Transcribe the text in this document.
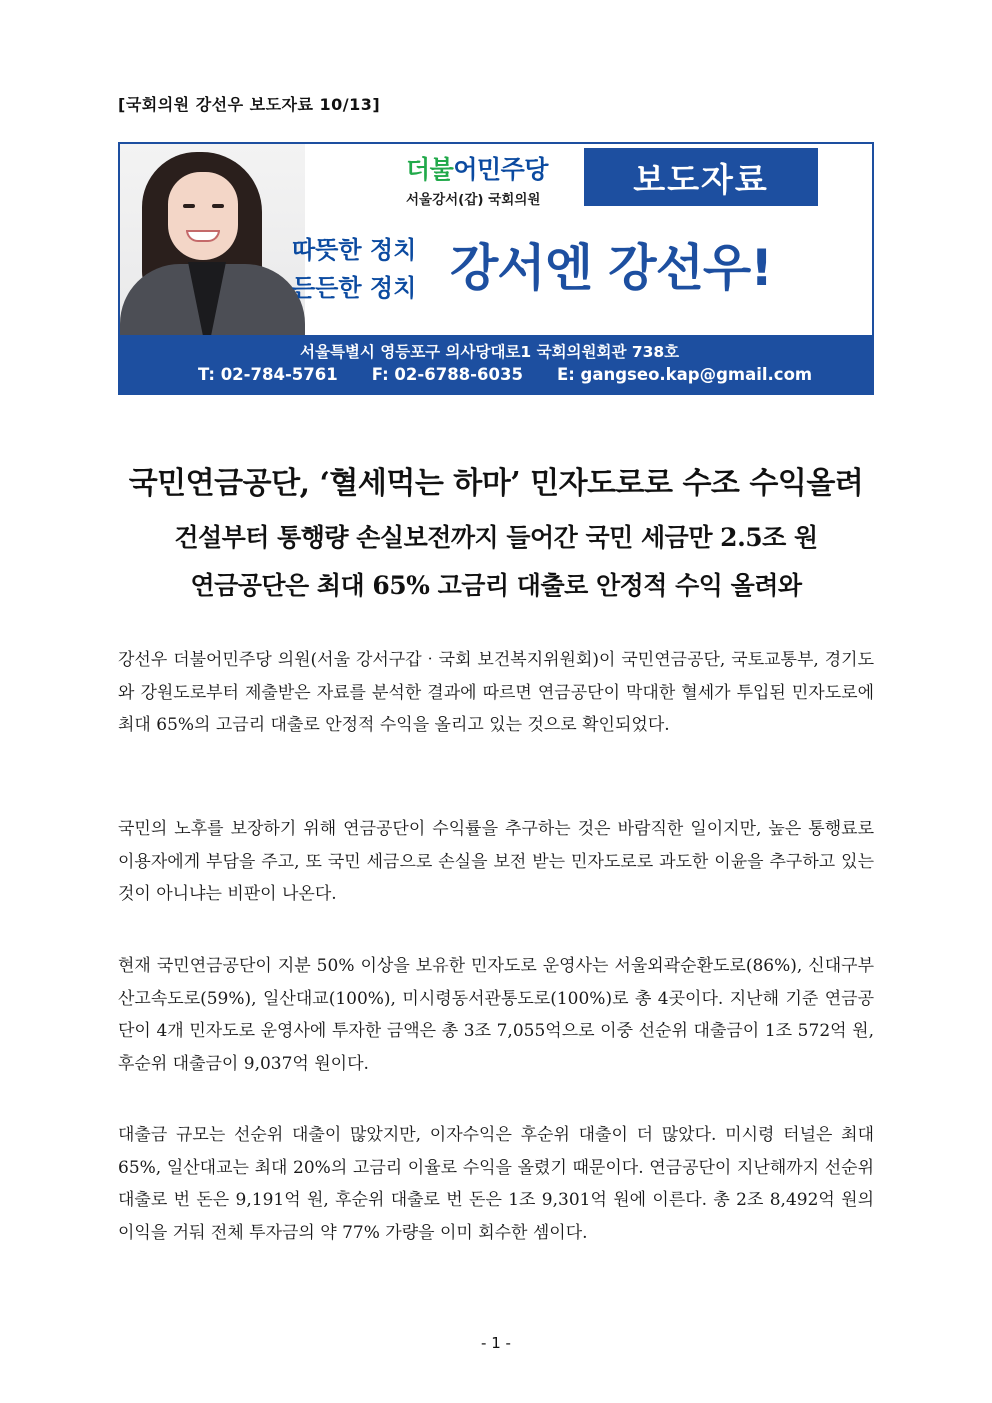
[국회의원 강선우 보도자료 10/13]
더불어민주당
서울강서(갑) 국회의원
보도자료
따뜻한 정치
든든한 정치 강서엔 강선우!
서울특별시 영등포구 의사당대로1 국회의원회관 738호
T: 02-784-5761 F: 02-6788-6035 E: gangseo.kap@gmail.com
국민연금공단, ‘혈세먹는 하마’ 민자도로로 수조 수익올려
건설부터 통행량 손실보전까지 들어간 국민 세금만 2.5조 원
연금공단은 최대 65% 고금리 대출로 안정적 수익 올려와

강선우 더불어민주당 의원(서울 강서구갑‧국회 보건복지위원회)이 국민연금공단, 국토교통부, 경기도와 강원도로부터 제출받은 자료를 분석한 결과에 따르면 연금공단이 막대한 혈세가 투입된 민자도로에 최대 65%의 고금리 대출로 안정적 수익을 올리고 있는 것으로 확인되었다.

국민의 노후를 보장하기 위해 연금공단이 수익률을 추구하는 것은 바람직한 일이지만, 높은 통행료로 이용자에게 부담을 주고, 또 국민 세금으로 손실을 보전 받는 민자도로로 과도한 이윤을 추구하고 있는 것이 아니냐는 비판이 나온다.

현재 국민연금공단이 지분 50% 이상을 보유한 민자도로 운영사는 서울외곽순환도로(86%), 신대구부산고속도로(59%), 일산대교(100%), 미시령동서관통도로(100%)로 총 4곳이다. 지난해 기준 연금공단이 4개 민자도로 운영사에 투자한 금액은 총 3조 7,055억으로 이중 선순위 대출금이 1조 572억 원, 후순위 대출금이 9,037억 원이다.

대출금 규모는 선순위 대출이 많았지만, 이자수익은 후순위 대출이 더 많았다. 미시령 터널은 최대 65%, 일산대교는 최대 20%의 고금리 이율로 수익을 올렸기 때문이다. 연금공단이 지난해까지 선순위 대출로 번 돈은 9,191억 원, 후순위 대출로 번 돈은 1조 9,301억 원에 이른다. 총 2조 8,492억 원의 이익을 거둬 전체 투자금의 약 77% 가량을 이미 회수한 셈이다.

- 1 -
